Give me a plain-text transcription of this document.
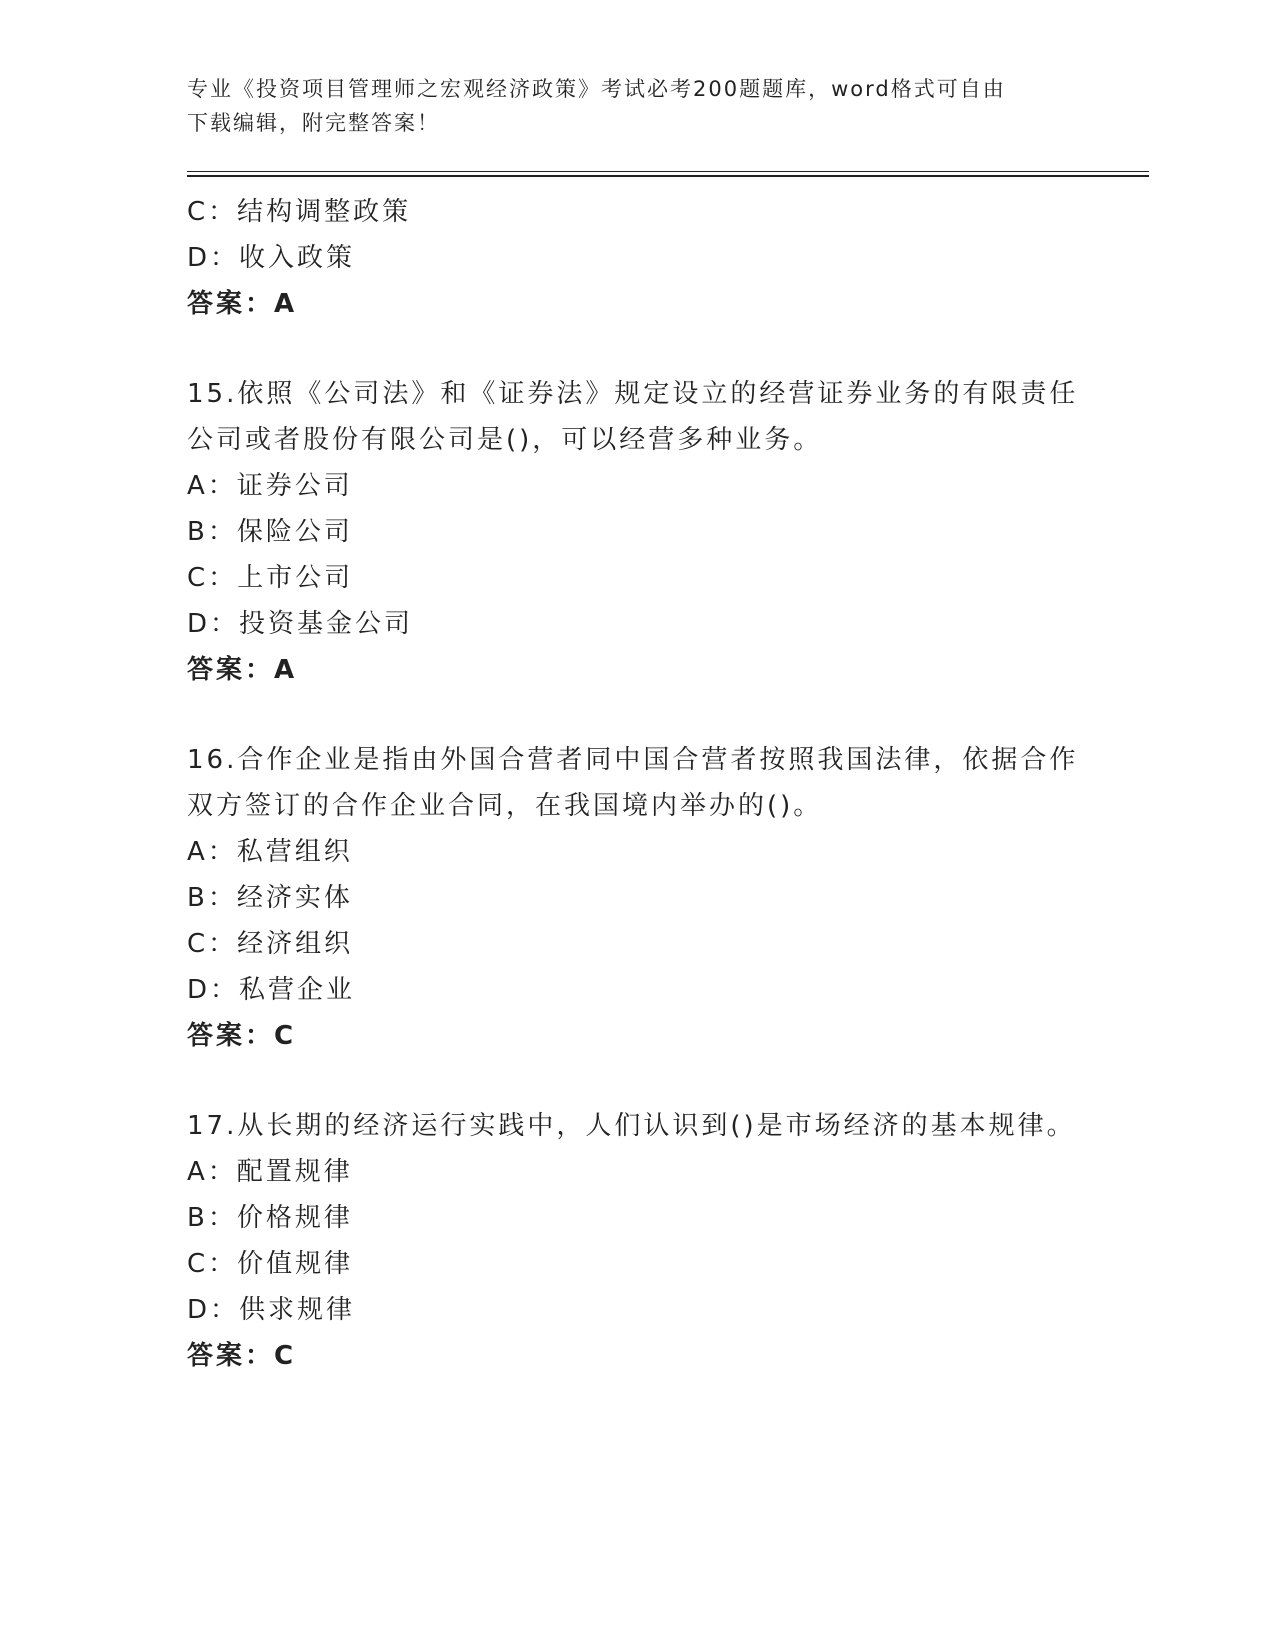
专业《投资项目管理师之宏观经济政策》考试必考200题题库，word格式可自由
下载编辑，附完整答案！
C：结构调整政策
D：收入政策
答案：A
15.依照《公司法》和《证券法》规定设立的经营证券业务的有限责任
公司或者股份有限公司是()，可以经营多种业务。
A：证券公司
B：保险公司
C：上市公司
D：投资基金公司
答案：A
16.合作企业是指由外国合营者同中国合营者按照我国法律，依据合作
双方签订的合作企业合同，在我国境内举办的()。
A：私营组织
B：经济实体
C：经济组织
D：私营企业
答案：C
17.从长期的经济运行实践中，人们认识到()是市场经济的基本规律。
A：配置规律
B：价格规律
C：价值规律
D：供求规律
答案：C
